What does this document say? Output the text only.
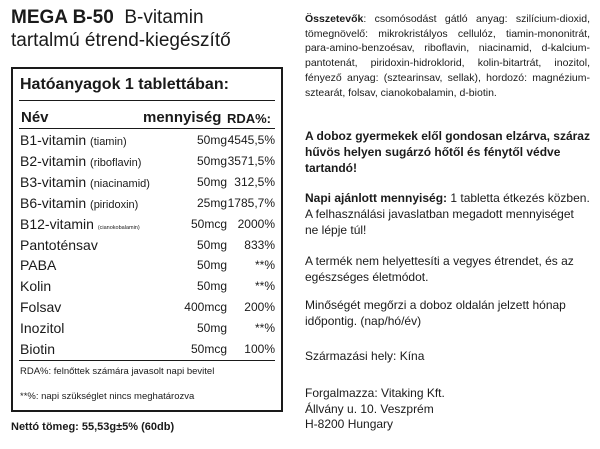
MEGA B-50 B-vitamin
tartalmú étrend-kiegészítő
Hatóanyagok 1 tablettában:
Név	mennyiség RDA%:
B1-vitamin (tiamin)	50mg 4545,5%
B2-vitamin (riboflavin)	50mg 3571,5%
B3-vitamin (niacinamid)	50mg 312,5%
B6-vitamin (piridoxin)	25mg 1785,7%
B12-vitamin (cianokobalamin)	50mcg 2000%
Pantoténsav	50mg	833%
PABA	50mg	**%
Kolin	50mg	**%
Folsav	400mcg	200%
Inozitol	50mg	**%
Biotin	50mcg	100%
RDA%: felnőttek számára javasolt napi bevitel
**%: napi szükséglet nincs meghatározva
Nettó tömeg: 55,53g±5% (60db)
Összetevők: csomósodást gátló anyag: szilícium-dioxid, tömegnövelő: mikrokristályos cellulóz, tiamin-mononitrát, para-amino-benzoésav, riboflavin, niacinamid, d-kalcium-pantotenát, piridoxin-hidroklorid, kolin-bitartrát, inozitol, fényező anyag: (sztearinsav, sellak), hordozó: magnézium-sztearát, folsav, cianokobalamin, d-biotin.
A doboz gyermekek elől gondosan elzárva, száraz hűvös helyen sugárzó hőtől és fénytől védve tartandó!
Napi ajánlott mennyiség: 1 tabletta étkezés közben. A felhasználási javaslatban megadott mennyiséget ne lépje túl!
A termék nem helyettesíti a vegyes étrendet, és az egészséges életmódot.
Minőségét megőrzi a doboz oldalán jelzett hónap időpontig. (nap/hó/év)
Származási hely: Kína
Forgalmazza: Vitaking Kft.
Állvány u. 10. Veszprém
H-8200 Hungary
